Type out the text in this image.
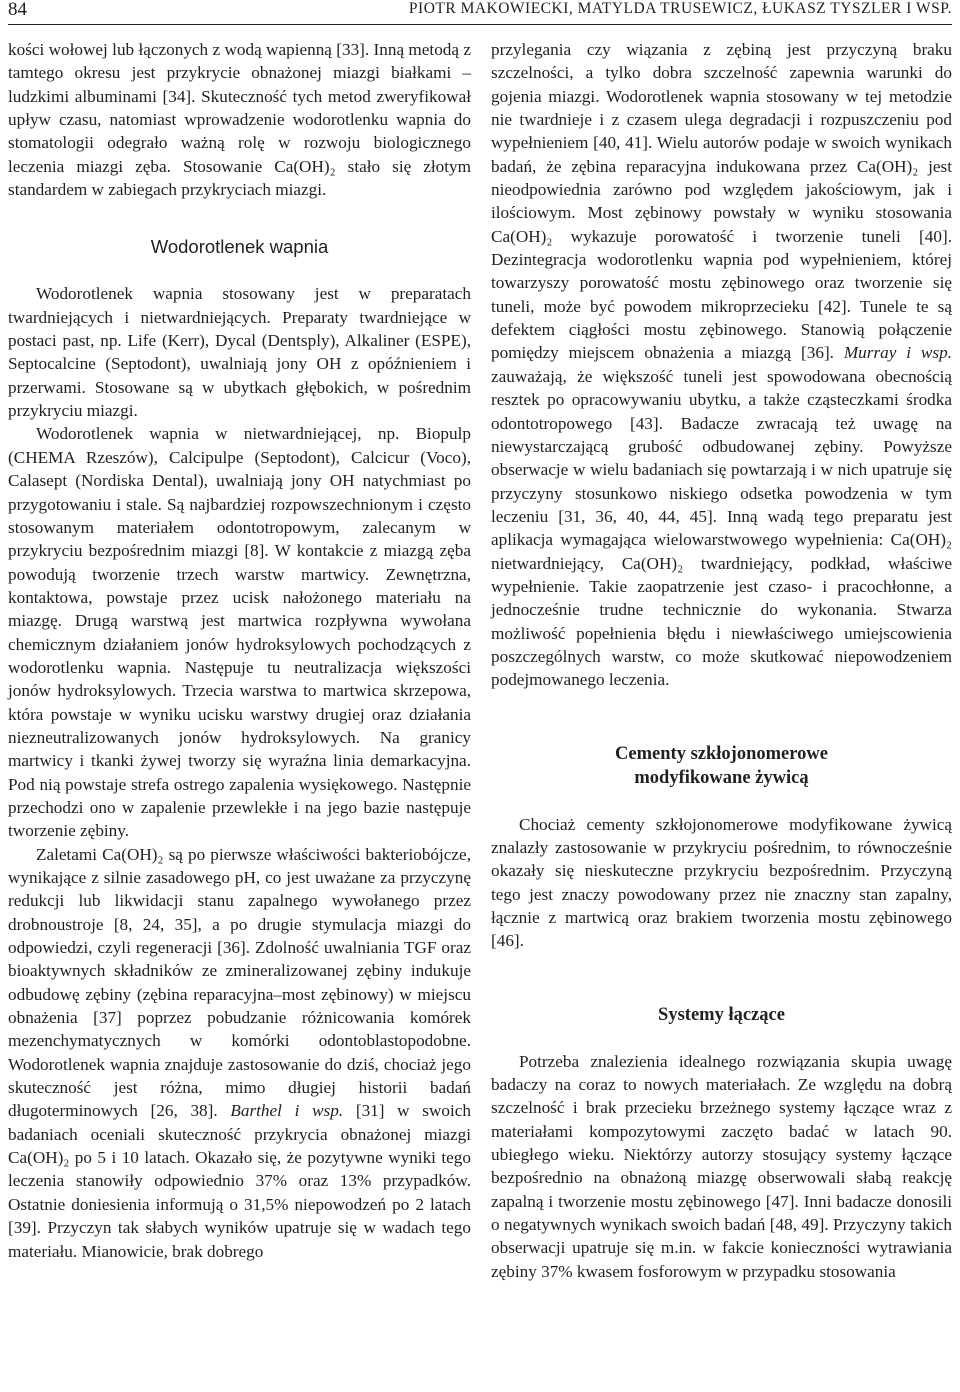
84	PIOTR MAKOWIECKI, MATYLDA TRUSEWICZ, ŁUKASZ TYSZLER I WSP.

kości wołowej lub łączonych z wodą wapienną [33]. Inną metodą z tamtego okresu jest przykrycie obnażonej miazgi białkami – ludzkimi albuminami [34]. Skuteczność tych metod zweryfikował upływ czasu, natomiast wprowadzenie wodorotlenku wapnia do stomatologii odegrało ważną rolę w rozwoju biologicznego leczenia miazgi zęba. Stosowanie Ca(OH)₂ stało się złotym standardem w zabiegach przykryciach miazgi.

Wodorotlenek wapnia

Wodorotlenek wapnia stosowany jest w preparatach twardniejących i nietwardniejących. Preparaty twardniejące w postaci past, np. Life (Kerr), Dycal (Dentsply), Alkaliner (ESPE), Septocalcine (Septodont), uwalniają jony OH z opóźnieniem i przerwami. Stosowane są w ubytkach głębokich, w pośrednim przykryciu miazgi.

Wodorotlenek wapnia w nietwardniejącej, np. Biopulp (CHEMA Rzeszów), Calcipulpe (Septodont), Calcicur (Voco), Calasept (Nordiska Dental), uwalniają jony OH natychmiast po przygotowaniu i stale. Są najbardziej rozpowszechnionym i często stosowanym materiałem odontotropowym, zalecanym w przykryciu bezpośrednim miazgi [8]. W kontakcie z miazgą zęba powodują tworzenie trzech warstw martwicy. Zewnętrzna, kontaktowa, powstaje przez ucisk nałożonego materiału na miazgę. Drugą warstwą jest martwica rozpływna wywołana chemicznym działaniem jonów hydroksylowych pochodzących z wodorotlenku wapnia. Następuje tu neutralizacja większości jonów hydroksylowych. Trzecia warstwa to martwica skrzepowa, która powstaje w wyniku ucisku warstwy drugiej oraz działania niezneutralizowanych jonów hydroksylowych. Na granicy martwicy i tkanki żywej tworzy się wyraźna linia demarkacyjna. Pod nią powstaje strefa ostrego zapalenia wysiękowego. Następnie przechodzi ono w zapalenie przewlekłe i na jego bazie następuje tworzenie zębiny.

Zaletami Ca(OH)₂ są po pierwsze właściwości bakteriobójcze, wynikające z silnie zasadowego pH, co jest uważane za przyczynę redukcji lub likwidacji stanu zapalnego wywołanego przez drobnoustroje [8, 24, 35], a po drugie stymulacja miazgi do odpowiedzi, czyli regeneracji [36]. Zdolność uwalniania TGF oraz bioaktywnych składników ze zmineralizowanej zębiny indukuje odbudowę zębiny (zębina reparacyjna–most zębinowy) w miejscu obnażenia [37] poprzez pobudzanie różnicowania komórek mezenchymatycznych w komórki odontoblastopodobne. Wodorotlenek wapnia znajduje zastosowanie do dziś, chociaż jego skuteczność jest różna, mimo długiej historii badań długoterminowych [26, 38]. Barthel i wsp. [31] w swoich badaniach oceniali skuteczność przykrycia obnażonej miazgi Ca(OH)₂ po 5 i 10 latach. Okazało się, że pozytywne wyniki tego leczenia stanowiły odpowiednio 37% oraz 13% przypadków. Ostatnie doniesienia informują o 31,5% niepowodzeń po 2 latach [39]. Przyczyn tak słabych wyników upatruje się w wadach tego materiału. Mianowicie, brak dobrego

przylegania czy wiązania z zębiną jest przyczyną braku szczelności, a tylko dobra szczelność zapewnia warunki do gojenia miazgi. Wodorotlenek wapnia stosowany w tej metodzie nie twardnieje i z czasem ulega degradacji i rozpuszczeniu pod wypełnieniem [40, 41]. Wielu autorów podaje w swoich wynikach badań, że zębina reparacyjna indukowana przez Ca(OH)₂ jest nieodpowiednia zarówno pod względem jakościowym, jak i ilościowym. Most zębinowy powstały w wyniku stosowania Ca(OH)₂ wykazuje porowatość i tworzenie tuneli [40]. Dezintegracja wodorotlenku wapnia pod wypełnieniem, której towarzyszy porowatość mostu zębinowego oraz tworzenie się tuneli, może być powodem mikroprzecieku [42]. Tunele te są defektem ciągłości mostu zębinowego. Stanowią połączenie pomiędzy miejscem obnażenia a miazgą [36]. Murray i wsp. zauważają, że większość tuneli jest spowodowana obecnością resztek po opracowywaniu ubytku, a także cząsteczkami środka odontotropowego [43]. Badacze zwracają też uwagę na niewystarczającą grubość odbudowanej zębiny. Powyższe obserwacje w wielu badaniach się powtarzają i w nich upatruje się przyczyny stosunkowo niskiego odsetka powodzenia w tym leczeniu [31, 36, 40, 44, 45]. Inną wadą tego preparatu jest aplikacja wymagająca wielowarstwowego wypełnienia: Ca(OH)₂ nietwardniejący, Ca(OH)₂ twardniejący, podkład, właściwe wypełnienie. Takie zaopatrzenie jest czaso- i pracochłonne, a jednocześnie trudne technicznie do wykonania. Stwarza możliwość popełnienia błędu i niewłaściwego umiejscowienia poszczególnych warstw, co może skutkować niepowodzeniem podejmowanego leczenia.

Cementy szkłojonomerowe
modyfikowane żywicą

Chociaż cementy szkłojonomerowe modyfikowane żywicą znalazły zastosowanie w przykryciu pośrednim, to równocześnie okazały się nieskuteczne przykryciu bezpośrednim. Przyczyną tego jest znaczy powodowany przez nie znaczny stan zapalny, łącznie z martwicą oraz brakiem tworzenia mostu zębinowego [46].

Systemy łączące

Potrzeba znalezienia idealnego rozwiązania skupia uwagę badaczy na coraz to nowych materiałach. Ze względu na dobrą szczelność i brak przecieku brzeżnego systemy łączące wraz z materiałami kompozytowymi zaczęto badać w latach 90. ubiegłego wieku. Niektórzy autorzy stosujący systemy łączące bezpośrednio na obnażoną miazgę obserwowali słabą reakcję zapalną i tworzenie mostu zębinowego [47]. Inni badacze donosili o negatywnych wynikach swoich badań [48, 49]. Przyczyny takich obserwacji upatruje się m.in. w fakcie konieczności wytrawiania zębiny 37% kwasem fosforowym w przypadku stosowania
